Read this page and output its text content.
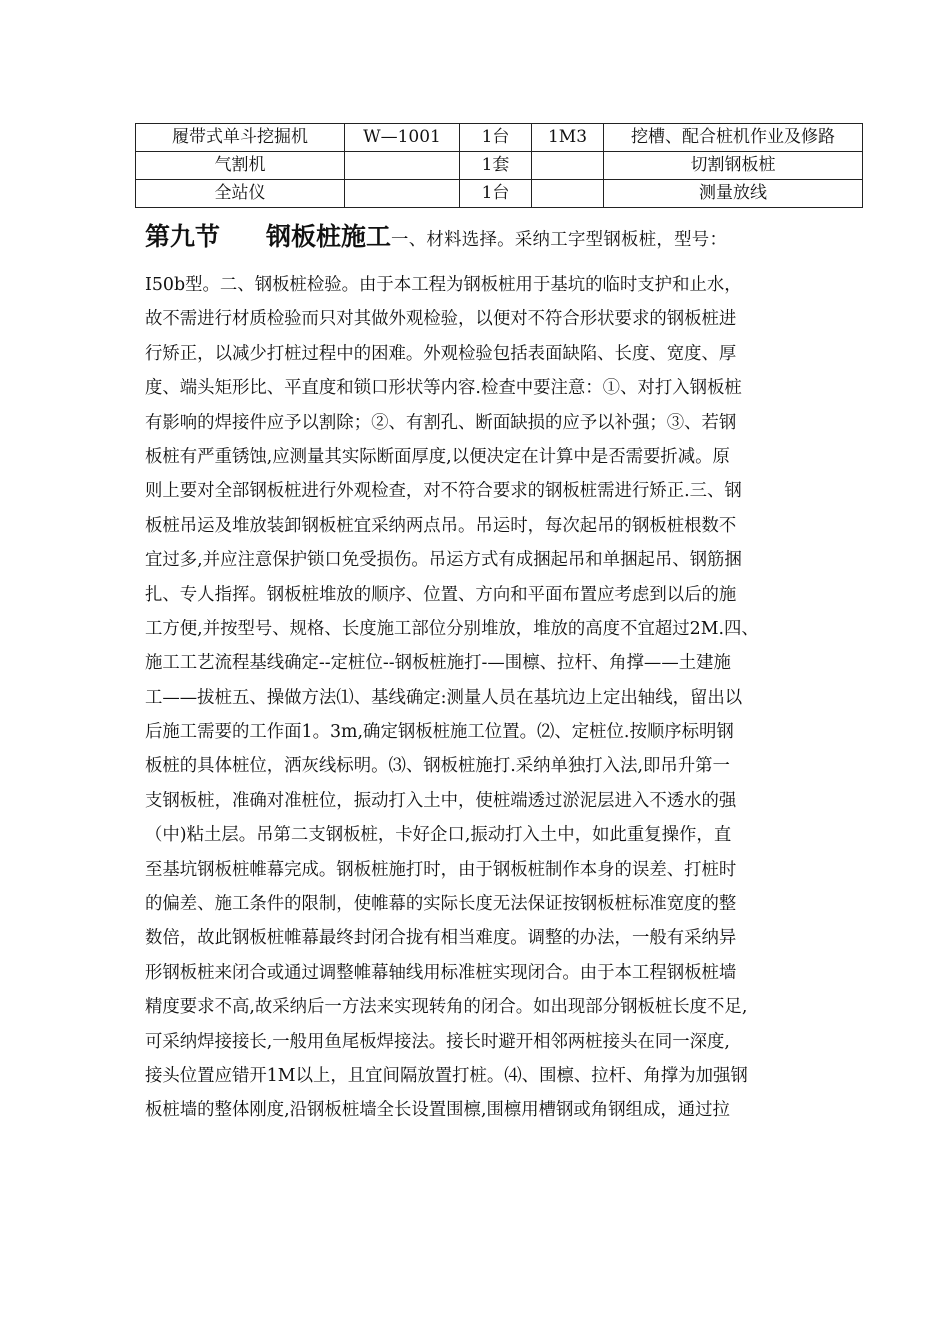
履带式单斗挖掘机	W—1001	1台	1M3	挖槽、配合桩机作业及修路
气割机		1套		切割钢板桩
全站仪		1台		测量放线
第九节 钢板桩施工一、材料选择。采纳工字型钢板桩，型号：
I50b型。二、钢板桩检验。由于本工程为钢板桩用于基坑的临时支护和止水，
故不需进行材质检验而只对其做外观检验，以便对不符合形状要求的钢板桩进
行矫正，以减少打桩过程中的困难。外观检验包括表面缺陷、长度、宽度、厚
度、端头矩形比、平直度和锁口形状等内容.检查中要注意：①、对打入钢板桩
有影响的焊接件应予以割除；②、有割孔、断面缺损的应予以补强；③、若钢
板桩有严重锈蚀,应测量其实际断面厚度,以便决定在计算中是否需要折减。原
则上要对全部钢板桩进行外观检查，对不符合要求的钢板桩需进行矫正.三、钢
板桩吊运及堆放装卸钢板桩宜采纳两点吊。吊运时，每次起吊的钢板桩根数不
宜过多,并应注意保护锁口免受损伤。吊运方式有成捆起吊和单捆起吊、钢筋捆
扎、专人指挥。钢板桩堆放的顺序、位置、方向和平面布置应考虑到以后的施
工方便,并按型号、规格、长度施工部位分别堆放，堆放的高度不宜超过2M.四、
施工工艺流程基线确定--定桩位--钢板桩施打-—围檩、拉杆、角撑——土建施
工——拔桩五、操做方法⑴、基线确定:测量人员在基坑边上定出轴线，留出以
后施工需要的工作面1。3m,确定钢板桩施工位置。⑵、定桩位.按顺序标明钢
板桩的具体桩位，洒灰线标明。⑶、钢板桩施打.采纳单独打入法,即吊升第一
支钢板桩，准确对准桩位，振动打入土中，使桩端透过淤泥层进入不透水的强
（中)粘土层。吊第二支钢板桩，卡好企口,振动打入土中，如此重复操作，直
至基坑钢板桩帷幕完成。钢板桩施打时，由于钢板桩制作本身的误差、打桩时
的偏差、施工条件的限制，使帷幕的实际长度无法保证按钢板桩标准宽度的整
数倍，故此钢板桩帷幕最终封闭合拢有相当难度。调整的办法，一般有采纳异
形钢板桩来闭合或通过调整帷幕轴线用标准桩实现闭合。由于本工程钢板桩墙
精度要求不高,故采纳后一方法来实现转角的闭合。如出现部分钢板桩长度不足,
可采纳焊接接长,一般用鱼尾板焊接法。接长时避开相邻两桩接头在同一深度,
接头位置应错开1M以上，且宜间隔放置打桩。⑷、围檩、拉杆、角撑为加强钢
板桩墙的整体刚度,沿钢板桩墙全长设置围檩,围檩用槽钢或角钢组成，通过拉
